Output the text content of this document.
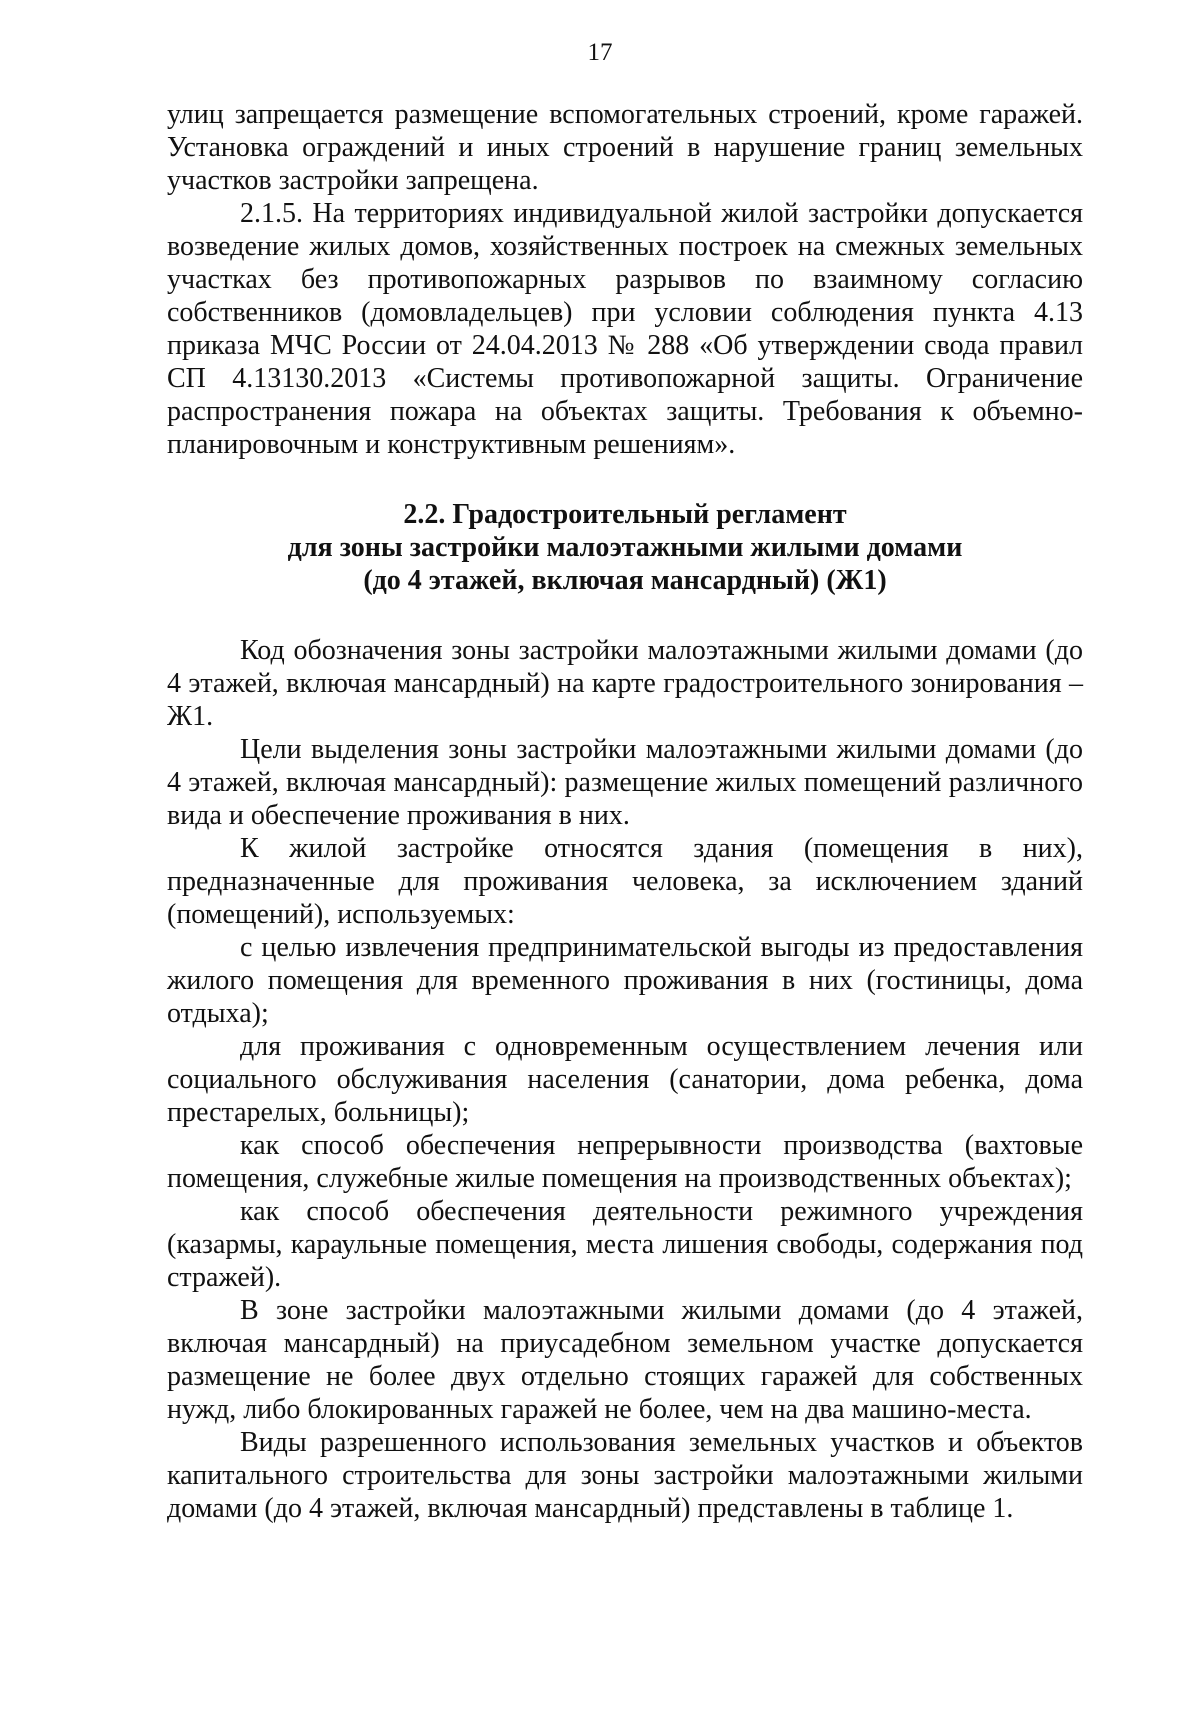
17

улиц запрещается размещение вспомогательных строений, кроме гаражей. Установка ограждений и иных строений в нарушение границ земельных участков застройки запрещена.

2.1.5. На территориях индивидуальной жилой застройки допускается возведение жилых домов, хозяйственных построек на смежных земельных участках без противопожарных разрывов по взаимному согласию собственников (домовладельцев) при условии соблюдения пункта 4.13 приказа МЧС России от 24.04.2013 № 288 «Об утверждении свода правил СП 4.13130.2013 «Системы противопожарной защиты. Ограничение распространения пожара на объектах защиты. Требования к объемно-планировочным и конструктивным решениям».

2.2. Градостроительный регламент
для зоны застройки малоэтажными жилыми домами
(до 4 этажей, включая мансардный) (Ж1)

Код обозначения зоны застройки малоэтажными жилыми домами (до 4 этажей, включая мансардный) на карте градостроительного зонирования – Ж1.

Цели выделения зоны застройки малоэтажными жилыми домами (до 4 этажей, включая мансардный): размещение жилых помещений различного вида и обеспечение проживания в них.

К жилой застройке относятся здания (помещения в них), предназначенные для проживания человека, за исключением зданий (помещений), используемых:

с целью извлечения предпринимательской выгоды из предоставления жилого помещения для временного проживания в них (гостиницы, дома отдыха);

для проживания с одновременным осуществлением лечения или социального обслуживания населения (санатории, дома ребенка, дома престарелых, больницы);

как способ обеспечения непрерывности производства (вахтовые помещения, служебные жилые помещения на производственных объектах);

как способ обеспечения деятельности режимного учреждения (казармы, караульные помещения, места лишения свободы, содержания под стражей).

В зоне застройки малоэтажными жилыми домами (до 4 этажей, включая мансардный) на приусадебном земельном участке допускается размещение не более двух отдельно стоящих гаражей для собственных нужд, либо блокированных гаражей не более, чем на два машино-места.

Виды разрешенного использования земельных участков и объектов капитального строительства для зоны застройки малоэтажными жилыми домами (до 4 этажей, включая мансардный) представлены в таблице 1.
